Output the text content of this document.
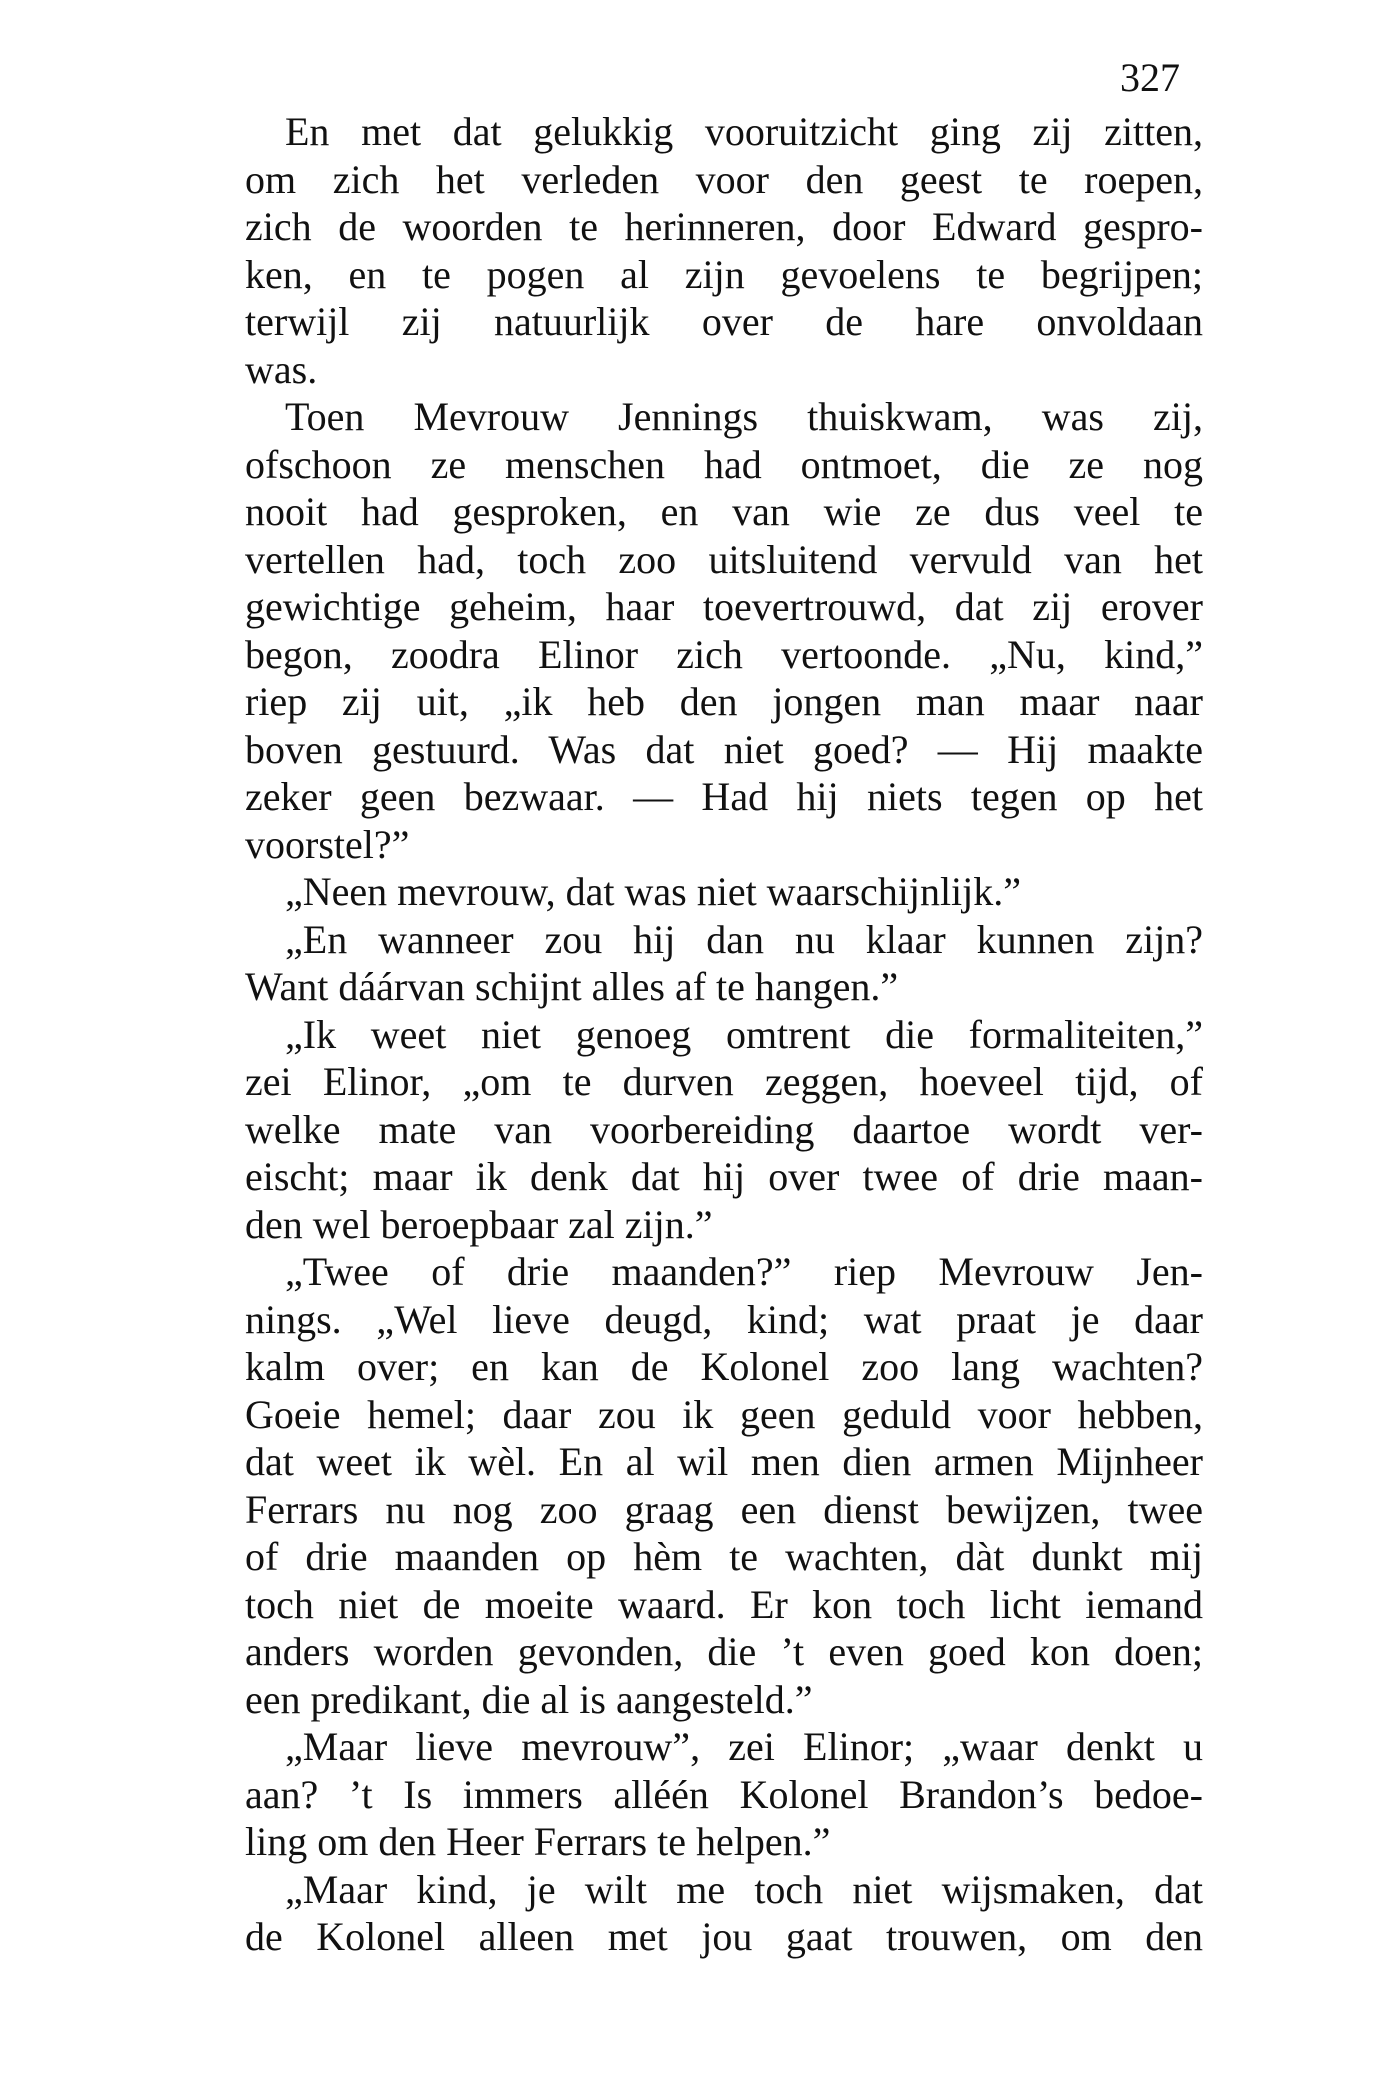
327
En met dat gelukkig vooruitzicht ging zij zitten,
om zich het verleden voor den geest te roepen,
zich de woorden te herinneren, door Edward gespro-
ken, en te pogen al zijn gevoelens te begrijpen;
terwijl zij natuurlijk over de hare onvoldaan
was.
Toen Mevrouw Jennings thuiskwam, was zij,
ofschoon ze menschen had ontmoet, die ze nog
nooit had gesproken, en van wie ze dus veel te
vertellen had, toch zoo uitsluitend vervuld van het
gewichtige geheim, haar toevertrouwd, dat zij erover
begon, zoodra Elinor zich vertoonde. „Nu, kind,”
riep zij uit, „ik heb den jongen man maar naar
boven gestuurd. Was dat niet goed? — Hij maakte
zeker geen bezwaar. — Had hij niets tegen op het
voorstel?”
„Neen mevrouw, dat was niet waarschijnlijk.”
„En wanneer zou hij dan nu klaar kunnen zijn?
Want dáárvan schijnt alles af te hangen.”
„Ik weet niet genoeg omtrent die formaliteiten,”
zei Elinor, „om te durven zeggen, hoeveel tijd, of
welke mate van voorbereiding daartoe wordt ver-
eischt; maar ik denk dat hij over twee of drie maan-
den wel beroepbaar zal zijn.”
„Twee of drie maanden?” riep Mevrouw Jen-
nings. „Wel lieve deugd, kind; wat praat je daar
kalm over; en kan de Kolonel zoo lang wachten?
Goeie hemel; daar zou ik geen geduld voor hebben,
dat weet ik wèl. En al wil men dien armen Mijnheer
Ferrars nu nog zoo graag een dienst bewijzen, twee
of drie maanden op hèm te wachten, dàt dunkt mij
toch niet de moeite waard. Er kon toch licht iemand
anders worden gevonden, die ’t even goed kon doen;
een predikant, die al is aangesteld.”
„Maar lieve mevrouw”, zei Elinor; „waar denkt u
aan? ’t Is immers alléén Kolonel Brandon’s bedoe-
ling om den Heer Ferrars te helpen.”
„Maar kind, je wilt me toch niet wijsmaken, dat
de Kolonel alleen met jou gaat trouwen, om den
